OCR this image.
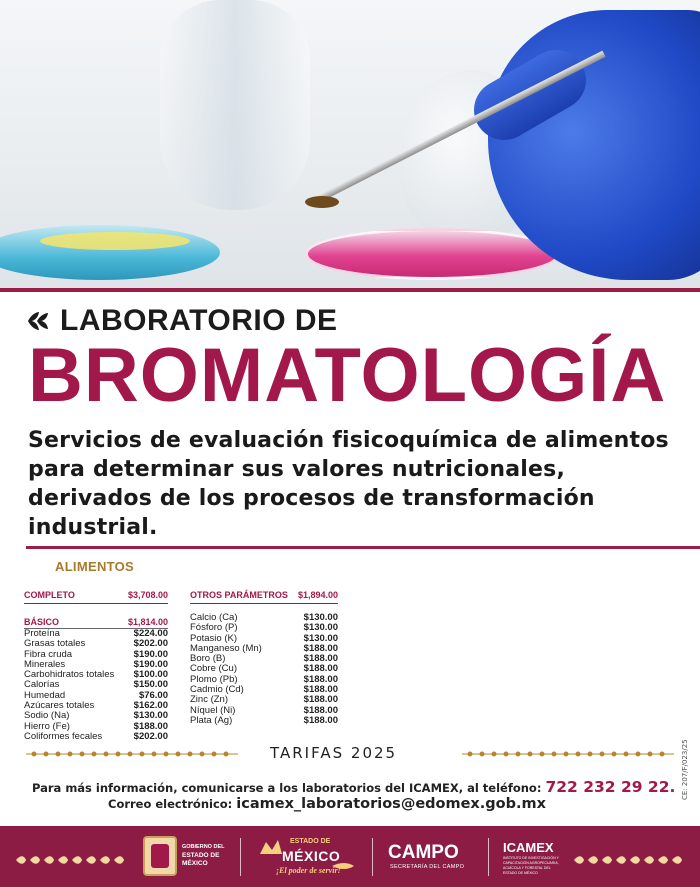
LABORATORIO DE
BROMATOLOGÍA
Servicios de evaluación fisicoquímica de alimentos para determinar sus valores nutricionales, derivados de los procesos de transformación industrial.
ALIMENTOS
COMPLETO	$3,708.00
BÁSICO	$1,814.00
Proteína	$224.00
Grasas totales	$202.00
Fibra cruda	$190.00
Minerales	$190.00
Carbohidratos totales $100.00
Calorías	$150.00
Humedad	$76.00
Azúcares totales	$162.00
Sodio (Na)	$130.00
Hierro (Fe)	$188.00
Coliformes fecales	$202.00
OTROS PARÁMETROS $1,894.00
Calcio (Ca)	$130.00
Fósforo (P)	$130.00
Potasio (K)	$130.00
Manganeso (Mn)	$188.00
Boro (B)	$188.00
Cobre (Cu)	$188.00
Plomo (Pb)	$188.00
Cadmio (Cd)	$188.00
Zinc (Zn)	$188.00
Níquel (Ni)	$188.00
Plata (Ag)	$188.00
TARIFAS 2025
Para más información, comunicarse a los laboratorios del ICAMEX, al teléfono: 722 232 29 22.
Correo electrónico: icamex_laboratorios@edomex.gob.mx
CE: 207/F/023/25
GOBIERNO DEL
ESTADO DE
MÉXICO
ESTADO DE
MÉXICO
¡El poder de servir!
CAMPO
SECRETARÍA DEL CAMPO
ICAMEX
INSTITUTO DE INVESTIGACIÓN Y CAPACITACIÓN AGROPECUARIA, ACUÍCOLA Y FORESTAL DEL ESTADO DE MÉXICO
